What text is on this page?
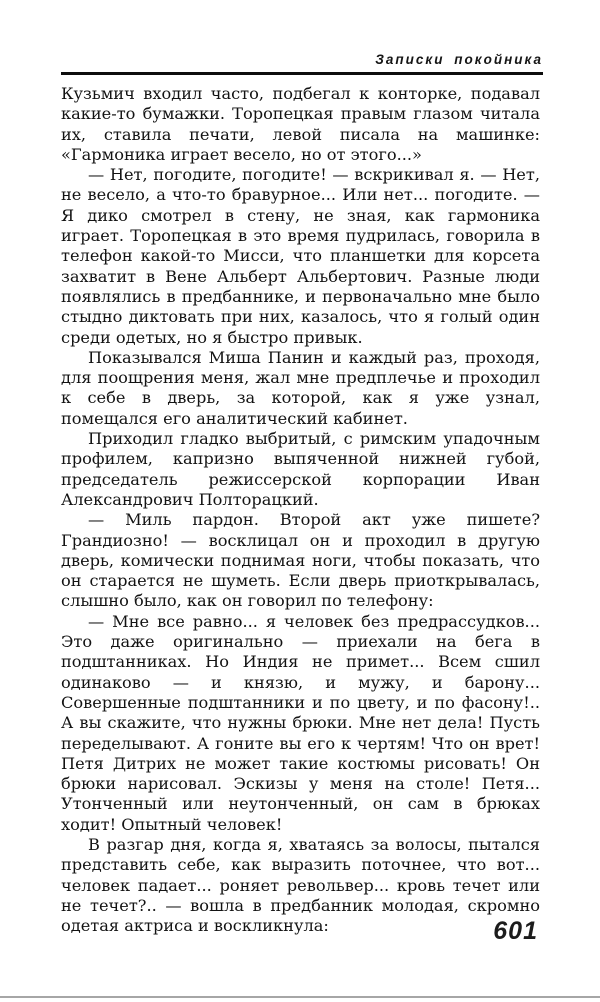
Записки покойника

Кузьмич входил часто, подбегал к конторке, подавал какие-то бумажки. Торопецкая правым глазом читала их, ставила печати, левой писала на машинке: «Гармоника играет весело, но от этого...»

— Нет, погодите, погодите! — вскрикивал я. — Нет, не весело, а что-то бравурное... Или нет... погодите. — Я дико смотрел в стену, не зная, как гармоника играет. Торопецкая в это время пудрилась, говорила в телефон какой-то Мисси, что планшетки для корсета захватит в Вене Альберт Альбертович. Разные люди появлялись в предбаннике, и первоначально мне было стыдно диктовать при них, казалось, что я голый один среди одетых, но я быстро привык.

Показывался Миша Панин и каждый раз, проходя, для поощрения меня, жал мне предплечье и проходил к себе в дверь, за которой, как я уже узнал, помещался его аналитический кабинет.

Приходил гладко выбритый, с римским упадочным профилем, капризно выпяченной нижней губой, председатель режиссерской корпорации Иван Александрович Полторацкий.

— Миль пардон. Второй акт уже пишете? Грандиозно! — восклицал он и проходил в другую дверь, комически поднимая ноги, чтобы показать, что он старается не шуметь. Если дверь приоткрывалась, слышно было, как он говорил по телефону:

— Мне все равно... я человек без предрассудков... Это даже оригинально — приехали на бега в подштанниках. Но Индия не примет... Всем сшил одинаково — и князю, и мужу, и барону... Совершенные подштанники и по цвету, и по фасону!.. А вы скажите, что нужны брюки. Мне нет дела! Пусть переделывают. А гоните вы его к чертям! Что он врет! Петя Дитрих не может такие костюмы рисовать! Он брюки нарисовал. Эскизы у меня на столе! Петя... Утонченный или неутонченный, он сам в брюках ходит! Опытный человек!

В разгар дня, когда я, хватаясь за волосы, пытался представить себе, как выразить поточнее, что вот... человек падает... роняет револьвер... кровь течет или не течет?.. — вошла в предбанник молодая, скромно одетая актриса и воскликнула:	601
